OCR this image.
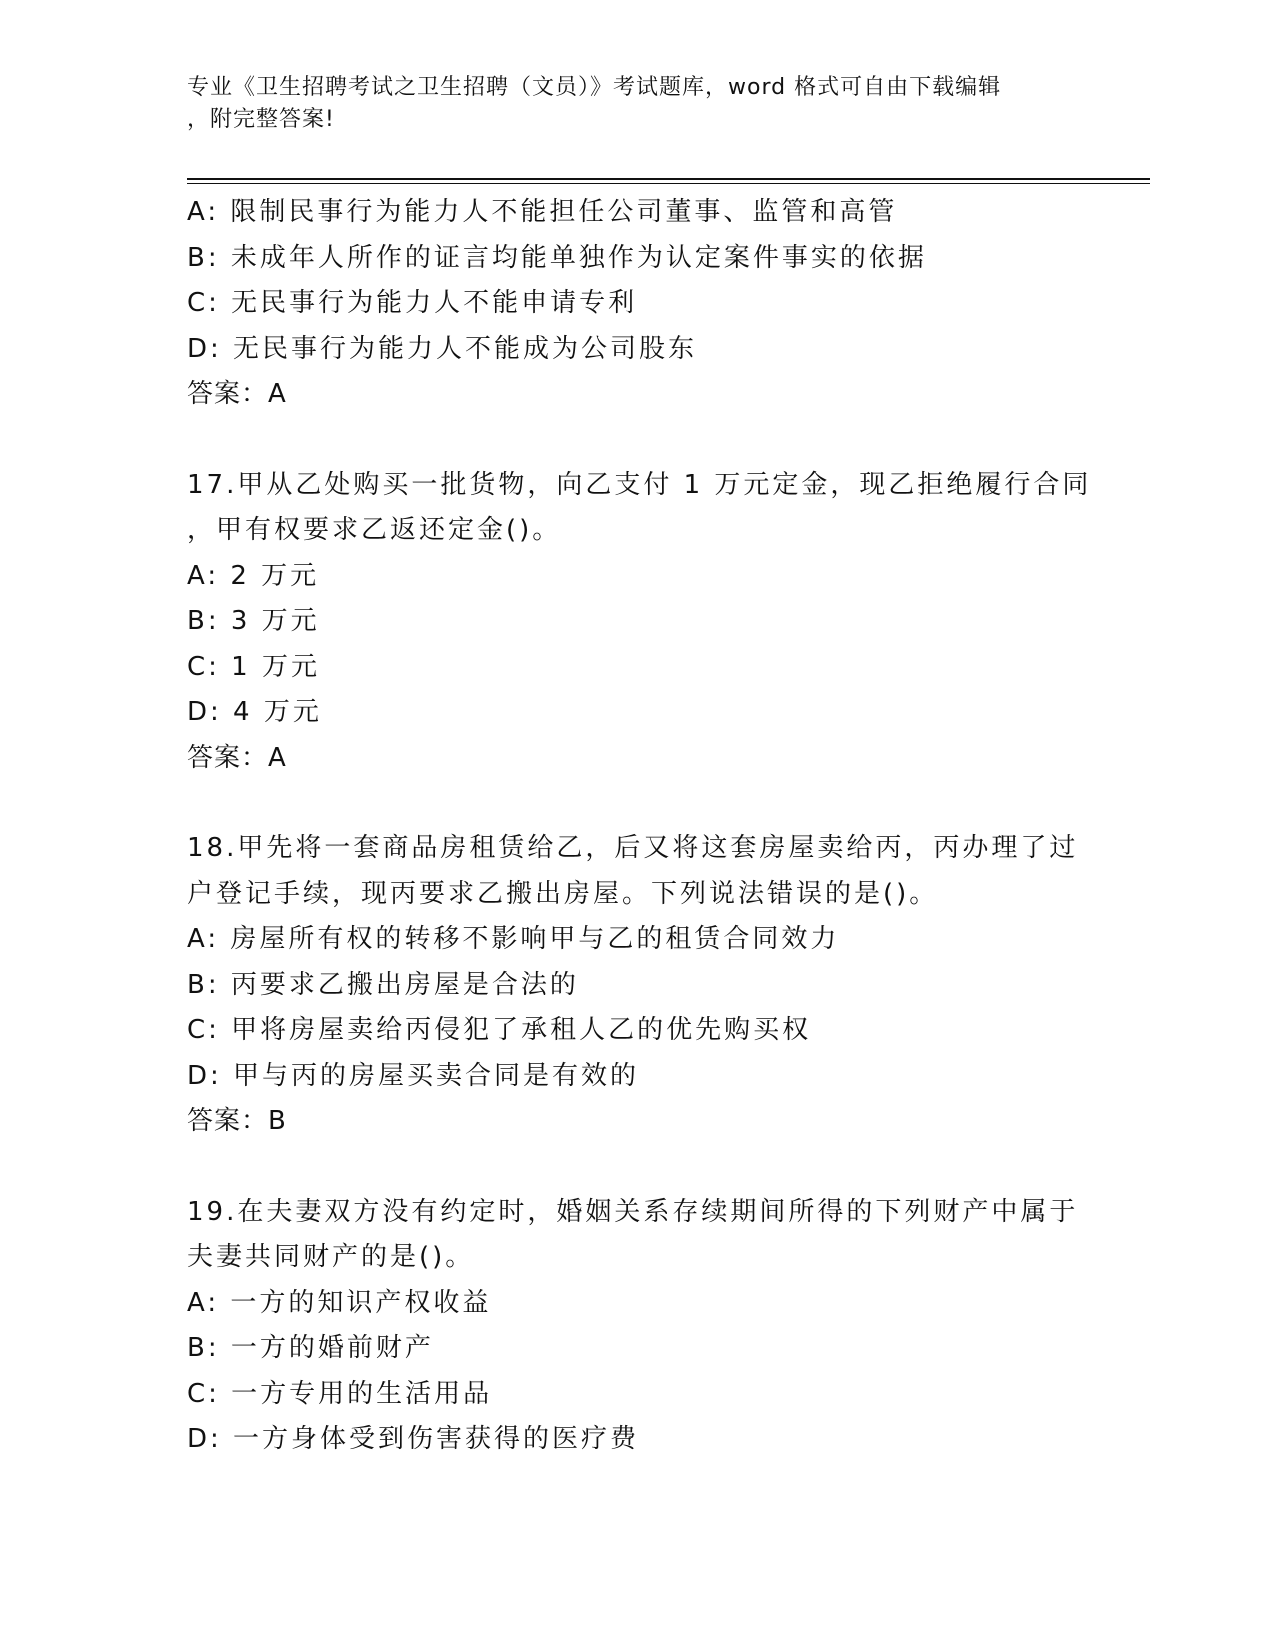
专业《卫生招聘考试之卫生招聘（文员）》考试题库，word 格式可自由下载编辑
，附完整答案!
A: 限制民事行为能力人不能担任公司董事、监管和高管
B: 未成年人所作的证言均能单独作为认定案件事实的依据
C: 无民事行为能力人不能申请专利
D: 无民事行为能力人不能成为公司股东
答案：A
17.甲从乙处购买一批货物，向乙支付 1 万元定金，现乙拒绝履行合同
，甲有权要求乙返还定金()。
A: 2 万元
B: 3 万元
C: 1 万元
D: 4 万元
答案：A
18.甲先将一套商品房租赁给乙，后又将这套房屋卖给丙，丙办理了过
户登记手续，现丙要求乙搬出房屋。下列说法错误的是()。
A: 房屋所有权的转移不影响甲与乙的租赁合同效力
B: 丙要求乙搬出房屋是合法的
C: 甲将房屋卖给丙侵犯了承租人乙的优先购买权
D: 甲与丙的房屋买卖合同是有效的
答案：B
19.在夫妻双方没有约定时，婚姻关系存续期间所得的下列财产中属于
夫妻共同财产的是()。
A: 一方的知识产权收益
B: 一方的婚前财产
C: 一方专用的生活用品
D: 一方身体受到伤害获得的医疗费
